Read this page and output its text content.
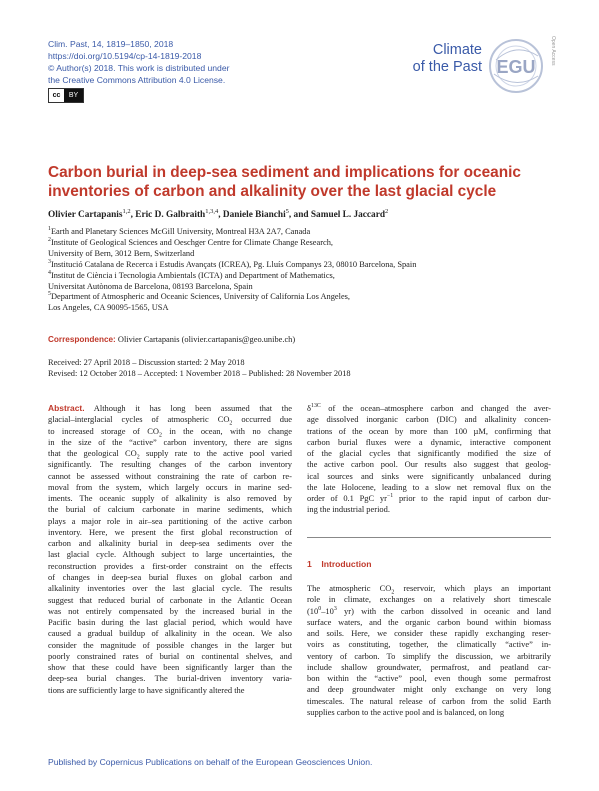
Clim. Past, 14, 1819–1850, 2018
https://doi.org/10.5194/cp-14-1819-2018
© Author(s) 2018. This work is distributed under
the Creative Commons Attribution 4.0 License.
cc	BY
Climate
of the Past EGU
Open Access
Carbon burial in deep-sea sediment and implications for oceanic inventories of carbon and alkalinity over the last glacial cycle
Olivier Cartapanis$^{1,2}$, Eric D. Galbraith$^{1,3,4}$, Daniele Bianchi$^5$, and Samuel L. Jaccard$^2$
$^1$Earth and Planetary Sciences McGill University, Montreal H3A 2A7, Canada
$^2$Institute of Geological Sciences and Oeschger Centre for Climate Change Research,
University of Bern, 3012 Bern, Switzerland
$^3$Institució Catalana de Recerca i Estudis Avançats (ICREA), Pg. Lluís Companys 23, 08010 Barcelona, Spain
$^4$Institut de Ciència i Tecnologia Ambientals (ICTA) and Department of Mathematics,
Universitat Autònoma de Barcelona, 08193 Barcelona, Spain
$^5$Department of Atmospheric and Oceanic Sciences, University of California Los Angeles,
Los Angeles, CA 90095-1565, USA
Correspondence: Olivier Cartapanis (olivier.cartapanis@geo.unibe.ch)
Received: 27 April 2018 – Discussion started: 2 May 2018
Revised: 12 October 2018 – Accepted: 1 November 2018 – Published: 28 November 2018
Abstract. Although it has long been assumed that the
glacial–interglacial cycles of atmospheric $CO_2$ occurred due
to increased storage of $CO_2$ in the ocean, with no change
in the size of the “active” carbon inventory, there are signs
that the geological $CO_2$ supply rate to the active pool varied
significantly. The resulting changes of the carbon inventory
cannot be assessed without constraining the rate of carbon re-
moval from the system, which largely occurs in marine sed-
iments. The oceanic supply of alkalinity is also removed by
the burial of calcium carbonate in marine sediments, which
plays a major role in air–sea partitioning of the active carbon
inventory. Here, we present the first global reconstruction of
carbon and alkalinity burial in deep-sea sediments over the
last glacial cycle. Although subject to large uncertainties, the
reconstruction provides a first-order constraint on the effects
of changes in deep-sea burial fluxes on global carbon and
alkalinity inventories over the last glacial cycle. The results
suggest that reduced burial of carbonate in the Atlantic Ocean
was not entirely compensated by the increased burial in the
Pacific basin during the last glacial period, which would have
caused a gradual buildup of alkalinity in the ocean. We also
consider the magnitude of possible changes in the larger but
poorly constrained rates of burial on continental shelves, and
show that these could have been significantly larger than the
deep-sea burial changes. The burial-driven inventory varia-
tions are sufficiently large to have significantly altered the
$\delta^{13C}$ of the ocean–atmosphere carbon and changed the aver-
age dissolved inorganic carbon (DIC) and alkalinity concen-
trations of the ocean by more than 100 µM, confirming that
carbon burial fluxes were a dynamic, interactive component
of the glacial cycles that significantly modified the size of
the active carbon pool. Our results also suggest that geolog-
ical sources and sinks were significantly unbalanced during
the late Holocene, leading to a slow net removal flux on the
order of 0.1 PgC $yr^{-1}$ prior to the rapid input of carbon dur-
ing the industrial period.
1 Introduction
The atmospheric $CO_2$ reservoir, which plays an important
role in climate, exchanges on a relatively short timescale
($10^0-10^3$ yr) with the carbon dissolved in oceanic and land
surface waters, and the organic carbon bound within biomass
and soils. Here, we consider these rapidly exchanging reser-
voirs as constituting, together, the climatically “active” in-
ventory of carbon. To simplify the discussion, we arbitrarily
include shallow groundwater, permafrost, and peatland car-
bon within the “active” pool, even though some permafrost
and deep groundwater might only exchange on very long
timescales. The natural release of carbon from the solid Earth
supplies carbon to the active pool and is balanced, on long
Published by Copernicus Publications on behalf of the European Geosciences Union.
